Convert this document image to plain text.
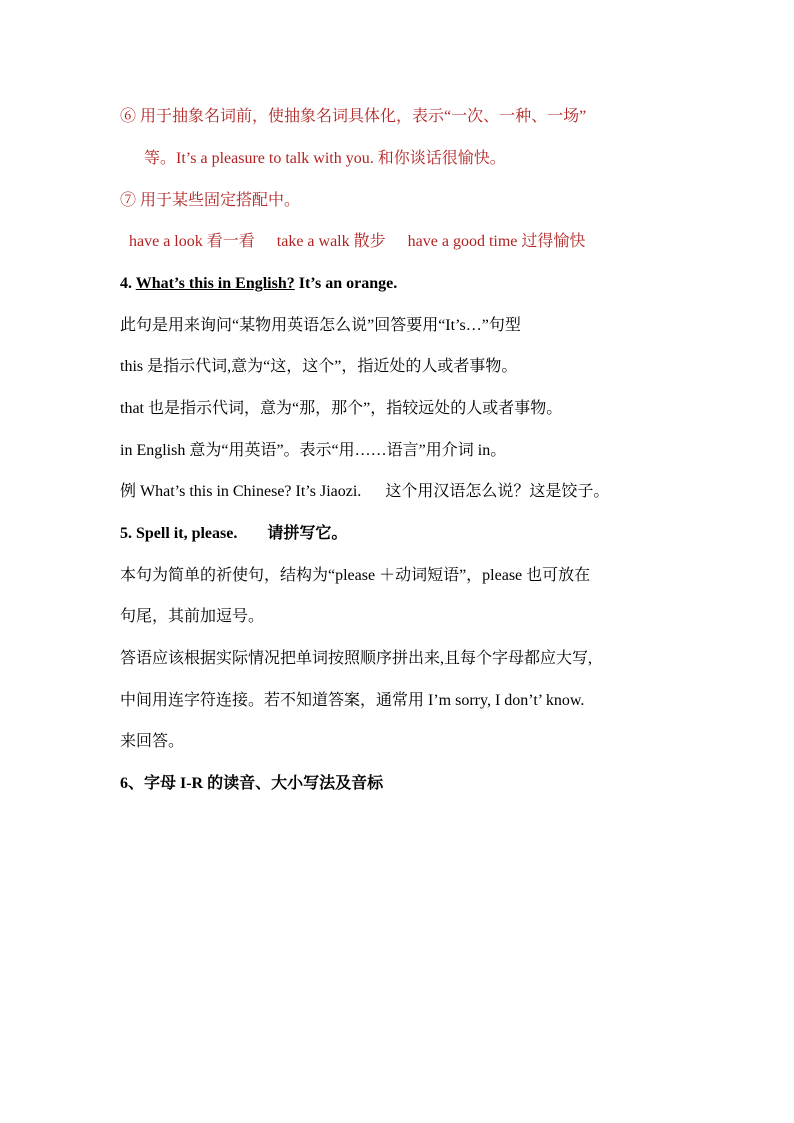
⑥ 用于抽象名词前，使抽象名词具体化，表示“一次、一种、一场”
等。It’s a pleasure to talk with you. 和你谈话很愉快。
⑦ 用于某些固定搭配中。
have a look 看一看 take a walk 散步 have a good time 过得愉快
4. What’s this in English? It’s an orange.
此句是用来询问“某物用英语怎么说”回答要用“It’s…”句型
this 是指示代词,意为“这，这个”，指近处的人或者事物。
that 也是指示代词，意为“那，那个”，指较远处的人或者事物。
in English 意为“用英语”。表示“用……语言”用介词 in。
例 What’s this in Chinese? It’s Jiaozi. 这个用汉语怎么说？这是饺子。
5. Spell it, please. 请拼写它。
本句为简单的祈使句，结构为“please ＋动词短语”，please 也可放在
句尾，其前加逗号。
答语应该根据实际情况把单词按照顺序拼出来,且每个字母都应大写,
中间用连字符连接。若不知道答案，通常用 I’m sorry, I don’t’ know.
来回答。
6、字母 I-R 的读音、大小写法及音标
